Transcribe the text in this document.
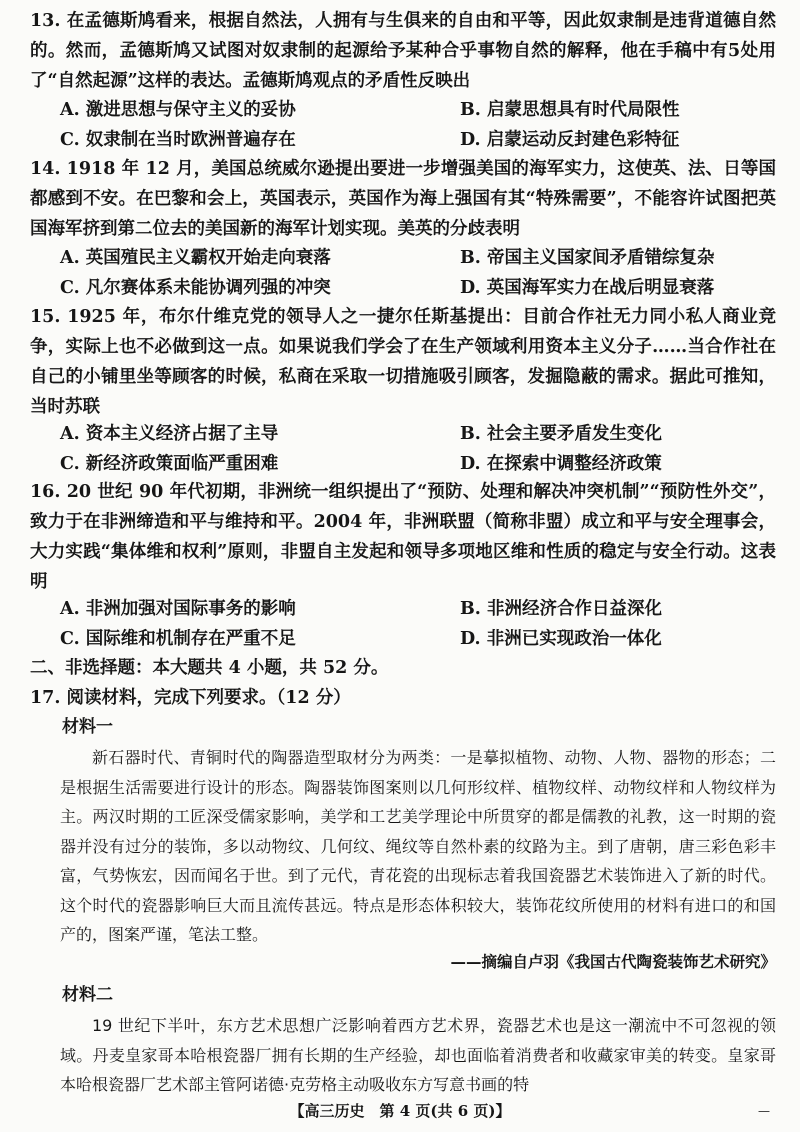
13. 在孟德斯鸠看来，根据自然法，人拥有与生俱来的自由和平等，因此奴隶制是违背道德自然的。然而，孟德斯鸠又试图对奴隶制的起源给予某种合乎事物自然的解释，他在手稿中有5处用了“自然起源”这样的表达。孟德斯鸠观点的矛盾性反映出

A. 激进思想与保守主义的妥协	B. 启蒙思想具有时代局限性
C. 奴隶制在当时欧洲普遍存在	D. 启蒙运动反封建色彩特征

14. 1918 年 12 月，美国总统威尔逊提出要进一步增强美国的海军实力，这使英、法、日等国都感到不安。在巴黎和会上，英国表示，英国作为海上强国有其“特殊需要”，不能容许试图把英国海军挤到第二位去的美国新的海军计划实现。美英的分歧表明

A. 英国殖民主义霸权开始走向衰落	B. 帝国主义国家间矛盾错综复杂
C. 凡尔赛体系未能协调列强的冲突	D. 英国海军实力在战后明显衰落

15. 1925 年，布尔什维克党的领导人之一捷尔任斯基提出：目前合作社无力同小私人商业竞争，实际上也不必做到这一点。如果说我们学会了在生产领域利用资本主义分子……当合作社在自己的小铺里坐等顾客的时候，私商在采取一切措施吸引顾客，发掘隐蔽的需求。据此可推知，当时苏联

A. 资本主义经济占据了主导	B. 社会主要矛盾发生变化
C. 新经济政策面临严重困难	D. 在探索中调整经济政策

16. 20 世纪 90 年代初期，非洲统一组织提出了“预防、处理和解决冲突机制”“预防性外交”，致力于在非洲缔造和平与维持和平。2004 年，非洲联盟（简称非盟）成立和平与安全理事会，大力实践“集体维和权利”原则，非盟自主发起和领导多项地区维和性质的稳定与安全行动。这表明

A. 非洲加强对国际事务的影响	B. 非洲经济合作日益深化
C. 国际维和机制存在严重不足	D. 非洲已实现政治一体化
二、非选择题：本大题共 4 小题，共 52 分。
17. 阅读材料，完成下列要求。（12 分）
材料一

新石器时代、青铜时代的陶器造型取材分为两类：一是摹拟植物、动物、人物、器物的形态；二是根据生活需要进行设计的形态。陶器装饰图案则以几何形纹样、植物纹样、动物纹样和人物纹样为主。两汉时期的工匠深受儒家影响，美学和工艺美学理论中所贯穿的都是儒教的礼教，这一时期的瓷器并没有过分的装饰，多以动物纹、几何纹、绳纹等自然朴素的纹路为主。到了唐朝，唐三彩色彩丰富，气势恢宏，因而闻名于世。到了元代，青花瓷的出现标志着我国瓷器艺术装饰进入了新的时代。这个时代的瓷器影响巨大而且流传甚远。特点是形态体积较大，装饰花纹所使用的材料有进口的和国产的，图案严谨，笔法工整。

——摘编自卢羽《我国古代陶瓷装饰艺术研究》
材料二

19 世纪下半叶，东方艺术思想广泛影响着西方艺术界，瓷器艺术也是这一潮流中不可忽视的领域。丹麦皇家哥本哈根瓷器厂拥有长期的生产经验，却也面临着消费者和收藏家审美的转变。皇家哥本哈根瓷器厂艺术部主管阿诺德·克劳格主动吸收东方写意书画的特

【高三历史　第 4 页(共 6 页)】	—
